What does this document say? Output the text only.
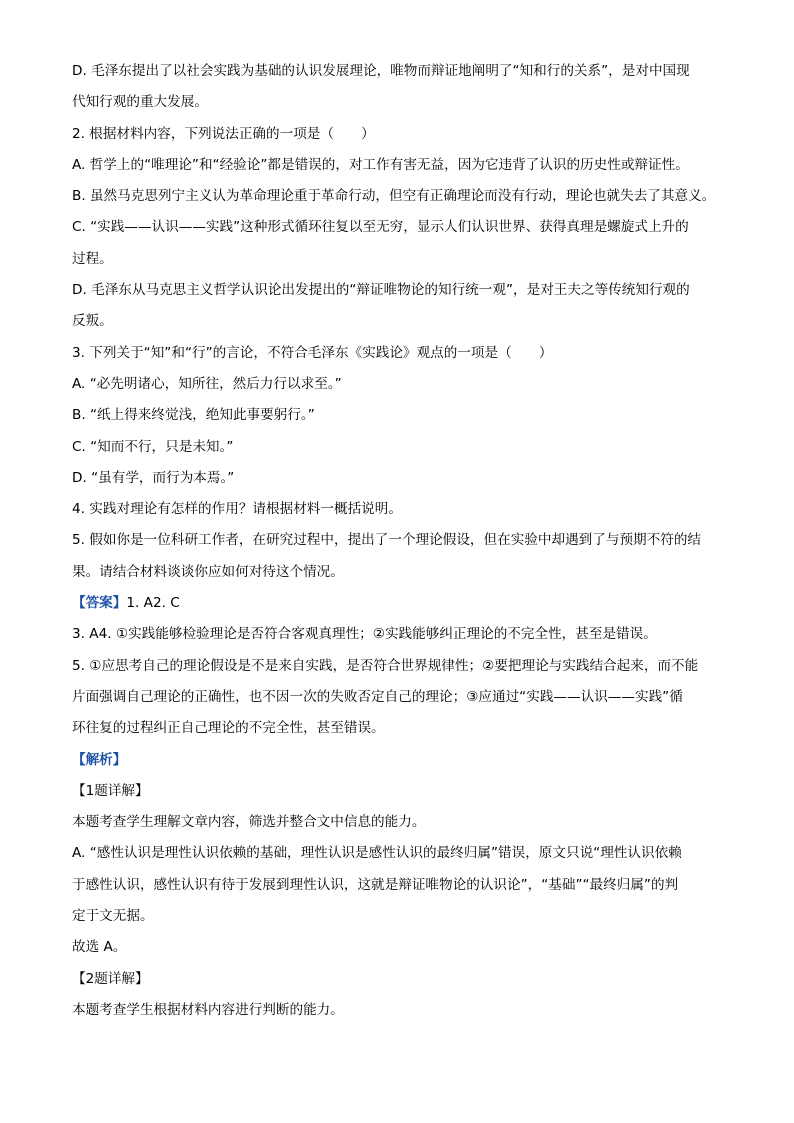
D. 毛泽东提出了以社会实践为基础的认识发展理论，唯物而辩证地阐明了“知和行的关系”，是对中国现
代知行观的重大发展。
2. 根据材料内容，下列说法正确的一项是（　　）
A. 哲学上的“唯理论”和“经验论”都是错误的，对工作有害无益，因为它违背了认识的历史性或辩证性。
B. 虽然马克思列宁主义认为革命理论重于革命行动，但空有正确理论而没有行动，理论也就失去了其意义。
C. “实践——认识——实践”这种形式循环往复以至无穷，显示人们认识世界、获得真理是螺旋式上升的
过程。
D. 毛泽东从马克思主义哲学认识论出发提出的“辩证唯物论的知行统一观”，是对王夫之等传统知行观的
反叛。
3. 下列关于“知”和“行”的言论，不符合毛泽东《实践论》观点的一项是（　　）
A. “必先明诸心，知所往，然后力行以求至。”
B. “纸上得来终觉浅，绝知此事要躬行。”
C. “知而不行，只是未知。”
D. “虽有学，而行为本焉。”
4. 实践对理论有怎样的作用？请根据材料一概括说明。
5. 假如你是一位科研工作者，在研究过程中，提出了一个理论假设，但在实验中却遇到了与预期不符的结
果。请结合材料谈谈你应如何对待这个情况。
【答案】1. A2. C
3. A4. ①实践能够检验理论是否符合客观真理性；②实践能够纠正理论的不完全性，甚至是错误。
5. ①应思考自己的理论假设是不是来自实践，是否符合世界规律性；②要把理论与实践结合起来，而不能
片面强调自己理论的正确性，也不因一次的失败否定自己的理论；③应通过“实践——认识——实践”循
环往复的过程纠正自己理论的不完全性，甚至错误。
【解析】
【1题详解】
本题考查学生理解文章内容，筛选并整合文中信息的能力。
A. “感性认识是理性认识依赖的基础，理性认识是感性认识的最终归属”错误，原文只说“理性认识依赖
于感性认识，感性认识有待于发展到理性认识，这就是辩证唯物论的认识论”，“基础”“最终归属”的判
定于文无据。
故选 A。
【2题详解】
本题考查学生根据材料内容进行判断的能力。
